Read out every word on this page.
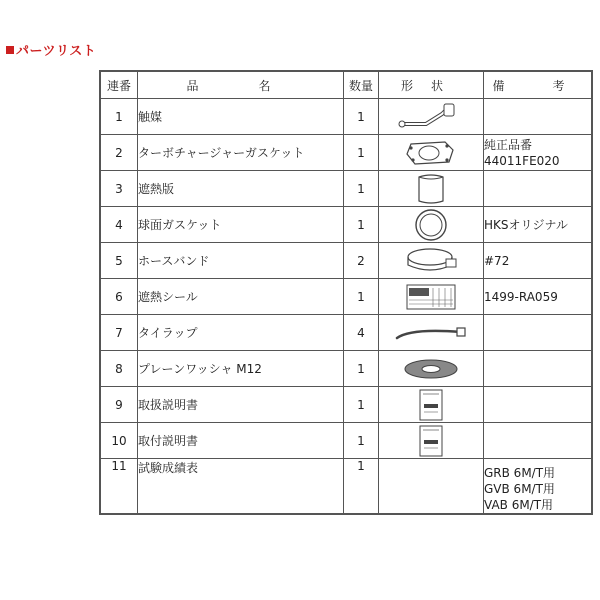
パーツリスト
連番	品　名	数量	形状	備　考
1	触媒	1	

2	ターボチャージャーガスケット	1		純正品番
44011FE020

3	遮熱版	1	

4	球面ガスケット	1		HKSオリジナル

5	ホースバンド	2		#72

6	遮熱シール	1		1499-RA059

7	タイラップ	4	

8	プレーンワッシャ M12	1	

9	取扱説明書	1	

10	取付説明書	1	

11	試験成績表	1		GRB 6M/T用
GVB 6M/T用
VAB 6M/T用
